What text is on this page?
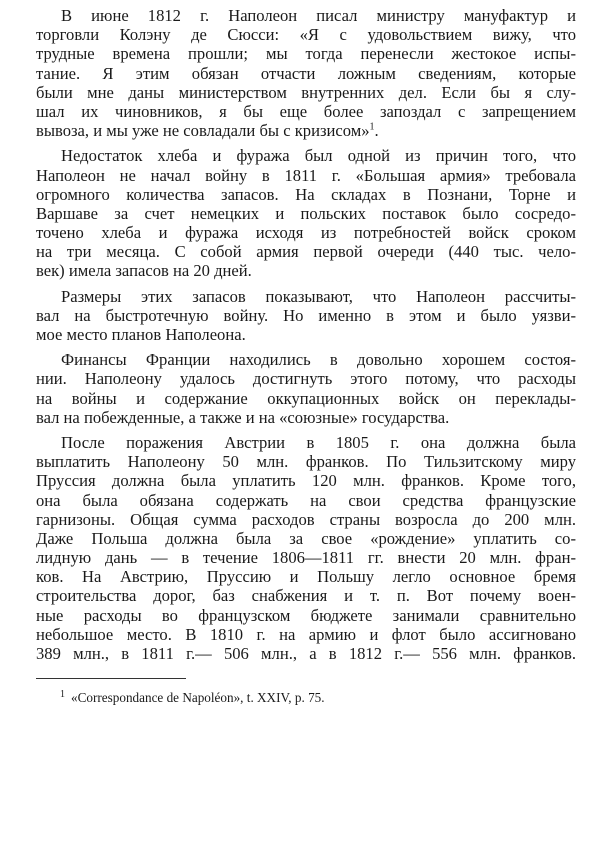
В июне 1812 г. Наполеон писал министру мануфактур и
торговли Колэну де Сюсси: «Я с удовольствием вижу, что
трудные времена прошли; мы тогда перенесли жестокое испы-
тание. Я этим обязан отчасти ложным сведениям, которые
были мне даны министерством внутренних дел. Если бы я слу-
шал их чиновников, я бы еще более запоздал с запрещением
вывоза, и мы уже не совладали бы с кризисом»$^1$.
Недостаток хлеба и фуража был одной из причин того, что
Наполеон не начал войну в 1811 г. «Большая армия» требовала
огромного количества запасов. На складах в Познани, Торне и
Варшаве за счет немецких и польских поставок было сосредо-
точено хлеба и фуража исходя из потребностей войск сроком
на три месяца. С собой армия первой очереди (440 тыс. чело-
век) имела запасов на 20 дней.
Размеры этих запасов показывают, что Наполеон рассчиты-
вал на быстротечную войну. Но именно в этом и было уязви-
мое место планов Наполеона.
Финансы Франции находились в довольно хорошем состоя-
нии. Наполеону удалось достигнуть этого потому, что расходы
на войны и содержание оккупационных войск он переклады-
вал на побежденные, а также и на «союзные» государства.
После поражения Австрии в 1805 г. она должна была
выплатить Наполеону 50 млн. франков. По Тильзитскому миру
Пруссия должна была уплатить 120 млн. франков. Кроме того,
она была обязана содержать на свои средства французские
гарнизоны. Общая сумма расходов страны возросла до 200 млн.
Даже Польша должна была за свое «рождение» уплатить со-
лидную дань — в течение 1806—1811 гг. внести 20 млн. фран-
ков. На Австрию, Пруссию и Польшу легло основное бремя
строительства дорог, баз снабжения и т. п. Вот почему воен-
ные расходы во французском бюджете занимали сравнительно
небольшое место. В 1810 г. на армию и флот было ассигновано
389 млн., в 1811 г.— 506 млн., а в 1812 г.— 556 млн. франков.
$^1$ «Correspondance de Napoléon», t. XXIV, p. 75.
